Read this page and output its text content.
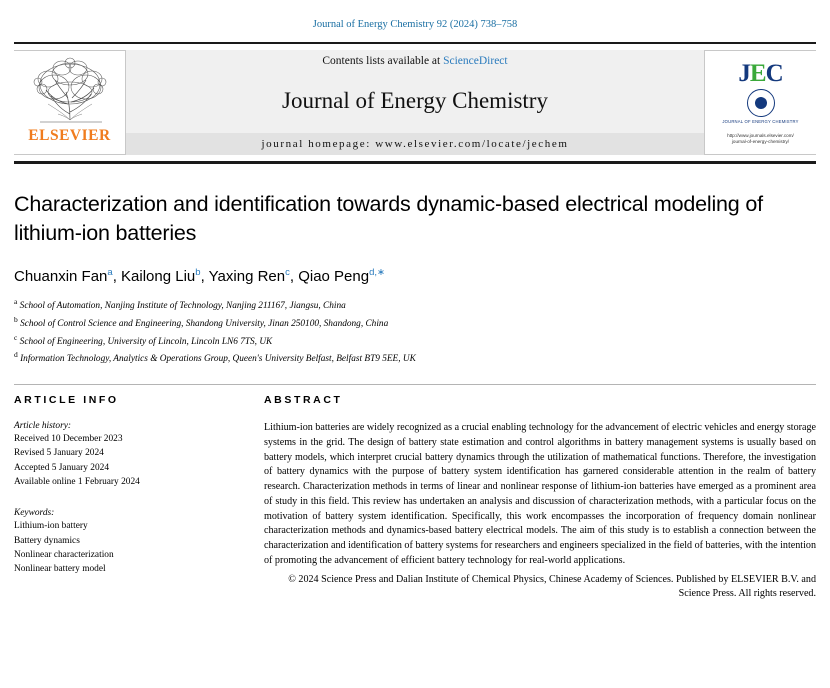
Journal of Energy Chemistry 92 (2024) 738–758
ELSEVIER
Contents lists available at ScienceDirect
Journal of Energy Chemistry
journal homepage: www.elsevier.com/locate/jechem
JEC
JOURNAL OF ENERGY CHEMISTRY
http://www.journals.elsevier.com/
journal-of-energy-chemistry/
Characterization and identification towards dynamic-based electrical modeling of lithium-ion batteries
Chuanxin Fan$^a$, Kailong Liu$^b$, Yaxing Ren$^c$, Qiao Peng$^{d,∗}$
$^a$ School of Automation, Nanjing Institute of Technology, Nanjing 211167, Jiangsu, China
$^b$ School of Control Science and Engineering, Shandong University, Jinan 250100, Shandong, China
$^c$ School of Engineering, University of Lincoln, Lincoln LN6 7TS, UK
$^d$ Information Technology, Analytics & Operations Group, Queen's University Belfast, Belfast BT9 5EE, UK
ARTICLE INFO
Article history:
Received 10 December 2023
Revised 5 January 2024
Accepted 5 January 2024
Available online 1 February 2024
Keywords:
Lithium-ion battery
Battery dynamics
Nonlinear characterization
Nonlinear battery model
ABSTRACT
Lithium-ion batteries are widely recognized as a crucial enabling technology for the advancement of electric vehicles and energy storage systems in the grid. The design of battery state estimation and control algorithms in battery management systems is usually based on battery models, which interpret crucial battery dynamics through the utilization of mathematical functions. Therefore, the investigation of battery dynamics with the purpose of battery system identification has garnered considerable attention in the realm of battery research. Characterization methods in terms of linear and nonlinear response of lithium-ion batteries have emerged as a prominent area of study in this field. This review has undertaken an analysis and discussion of characterization methods, with a particular focus on the motivation of battery system identification. Specifically, this work encompasses the incorporation of frequency domain nonlinear characterization methods and dynamics-based battery electrical models. The aim of this study is to establish a connection between the characterization and identification of battery systems for researchers and engineers specialized in the field of batteries, with the intention of promoting the advancement of efficient battery technology for real-world applications.
© 2024 Science Press and Dalian Institute of Chemical Physics, Chinese Academy of Sciences. Published by ELSEVIER B.V. and Science Press. All rights reserved.
